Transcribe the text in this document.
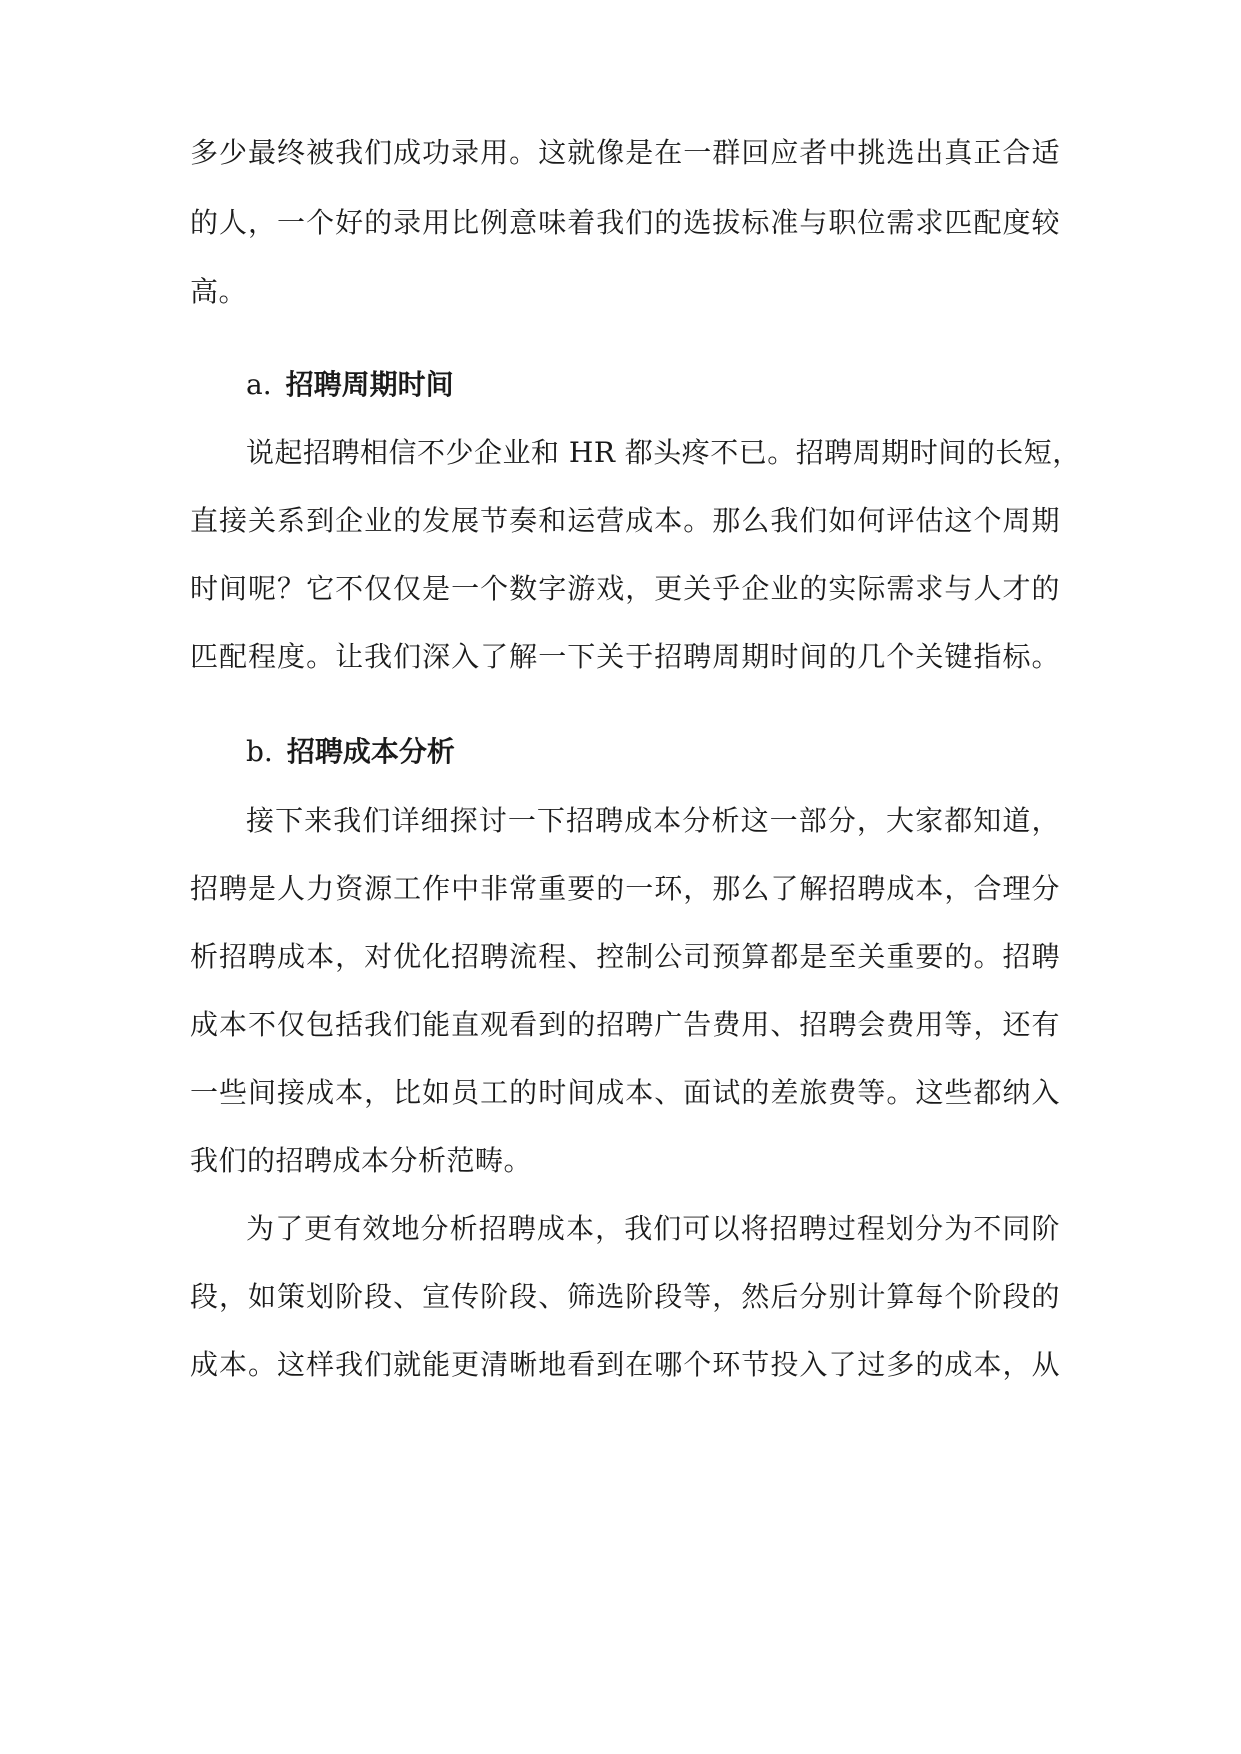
多少最终被我们成功录用。这就像是在一群回应者中挑选出真正合适
的人，一个好的录用比例意味着我们的选拔标准与职位需求匹配度较
高。
a. 招聘周期时间
说起招聘相信不少企业和 HR 都头疼不已。招聘周期时间的长短，
直接关系到企业的发展节奏和运营成本。那么我们如何评估这个周期
时间呢？它不仅仅是一个数字游戏，更关乎企业的实际需求与人才的
匹配程度。让我们深入了解一下关于招聘周期时间的几个关键指标。
b. 招聘成本分析
接下来我们详细探讨一下招聘成本分析这一部分，大家都知道，
招聘是人力资源工作中非常重要的一环，那么了解招聘成本，合理分
析招聘成本，对优化招聘流程、控制公司预算都是至关重要的。招聘
成本不仅包括我们能直观看到的招聘广告费用、招聘会费用等，还有
一些间接成本，比如员工的时间成本、面试的差旅费等。这些都纳入
我们的招聘成本分析范畴。
为了更有效地分析招聘成本，我们可以将招聘过程划分为不同阶
段，如策划阶段、宣传阶段、筛选阶段等，然后分别计算每个阶段的
成本。这样我们就能更清晰地看到在哪个环节投入了过多的成本，从
